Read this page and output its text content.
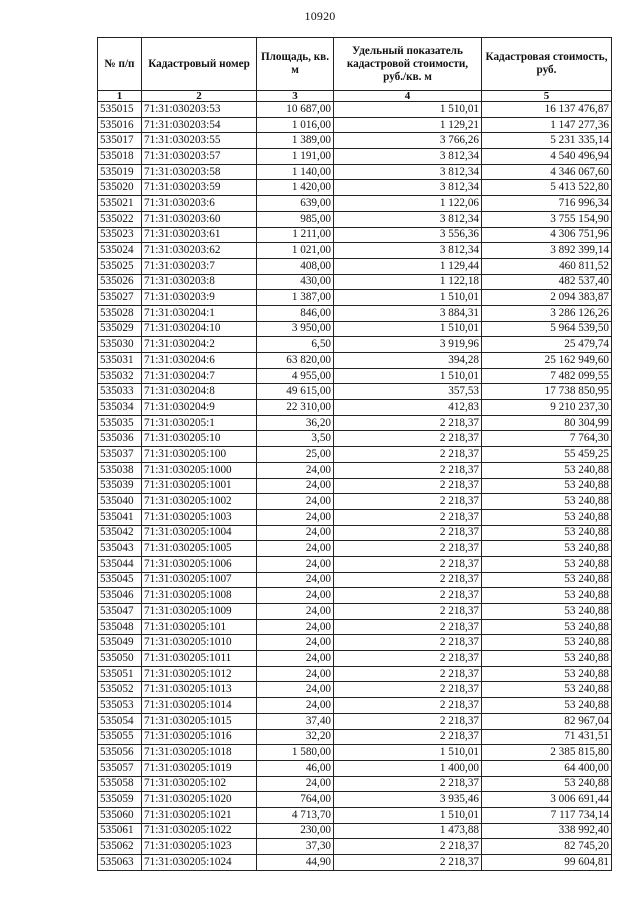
10920
№ п/п	Кадастровый номер	Площадь, кв. м	Удельный показатель кадастровой стоимости, руб./кв. м	Кадастровая стоимость, руб.
1	2	3	4	5
535015	71:31:030203:53	10 687,00	1 510,01	16 137 476,87
535016	71:31:030203:54	1 016,00	1 129,21	1 147 277,36
535017	71:31:030203:55	1 389,00	3 766,26	5 231 335,14
535018	71:31:030203:57	1 191,00	3 812,34	4 540 496,94
535019	71:31:030203:58	1 140,00	3 812,34	4 346 067,60
535020	71:31:030203:59	1 420,00	3 812,34	5 413 522,80
535021	71:31:030203:6	639,00	1 122,06	716 996,34
535022	71:31:030203:60	985,00	3 812,34	3 755 154,90
535023	71:31:030203:61	1 211,00	3 556,36	4 306 751,96
535024	71:31:030203:62	1 021,00	3 812,34	3 892 399,14
535025	71:31:030203:7	408,00	1 129,44	460 811,52
535026	71:31:030203:8	430,00	1 122,18	482 537,40
535027	71:31:030203:9	1 387,00	1 510,01	2 094 383,87
535028	71:31:030204:1	846,00	3 884,31	3 286 126,26
535029	71:31:030204:10	3 950,00	1 510,01	5 964 539,50
535030	71:31:030204:2	6,50	3 919,96	25 479,74
535031	71:31:030204:6	63 820,00	394,28	25 162 949,60
535032	71:31:030204:7	4 955,00	1 510,01	7 482 099,55
535033	71:31:030204:8	49 615,00	357,53	17 738 850,95
535034	71:31:030204:9	22 310,00	412,83	9 210 237,30
535035	71:31:030205:1	36,20	2 218,37	80 304,99
535036	71:31:030205:10	3,50	2 218,37	7 764,30
535037	71:31:030205:100	25,00	2 218,37	55 459,25
535038	71:31:030205:1000	24,00	2 218,37	53 240,88
535039	71:31:030205:1001	24,00	2 218,37	53 240,88
535040	71:31:030205:1002	24,00	2 218,37	53 240,88
535041	71:31:030205:1003	24,00	2 218,37	53 240,88
535042	71:31:030205:1004	24,00	2 218,37	53 240,88
535043	71:31:030205:1005	24,00	2 218,37	53 240,88
535044	71:31:030205:1006	24,00	2 218,37	53 240,88
535045	71:31:030205:1007	24,00	2 218,37	53 240,88
535046	71:31:030205:1008	24,00	2 218,37	53 240,88
535047	71:31:030205:1009	24,00	2 218,37	53 240,88
535048	71:31:030205:101	24,00	2 218,37	53 240,88
535049	71:31:030205:1010	24,00	2 218,37	53 240,88
535050	71:31:030205:1011	24,00	2 218,37	53 240,88
535051	71:31:030205:1012	24,00	2 218,37	53 240,88
535052	71:31:030205:1013	24,00	2 218,37	53 240,88
535053	71:31:030205:1014	24,00	2 218,37	53 240,88
535054	71:31:030205:1015	37,40	2 218,37	82 967,04
535055	71:31:030205:1016	32,20	2 218,37	71 431,51
535056	71:31:030205:1018	1 580,00	1 510,01	2 385 815,80
535057	71:31:030205:1019	46,00	1 400,00	64 400,00
535058	71:31:030205:102	24,00	2 218,37	53 240,88
535059	71:31:030205:1020	764,00	3 935,46	3 006 691,44
535060	71:31:030205:1021	4 713,70	1 510,01	7 117 734,14
535061	71:31:030205:1022	230,00	1 473,88	338 992,40
535062	71:31:030205:1023	37,30	2 218,37	82 745,20
535063	71:31:030205:1024	44,90	2 218,37	99 604,81
